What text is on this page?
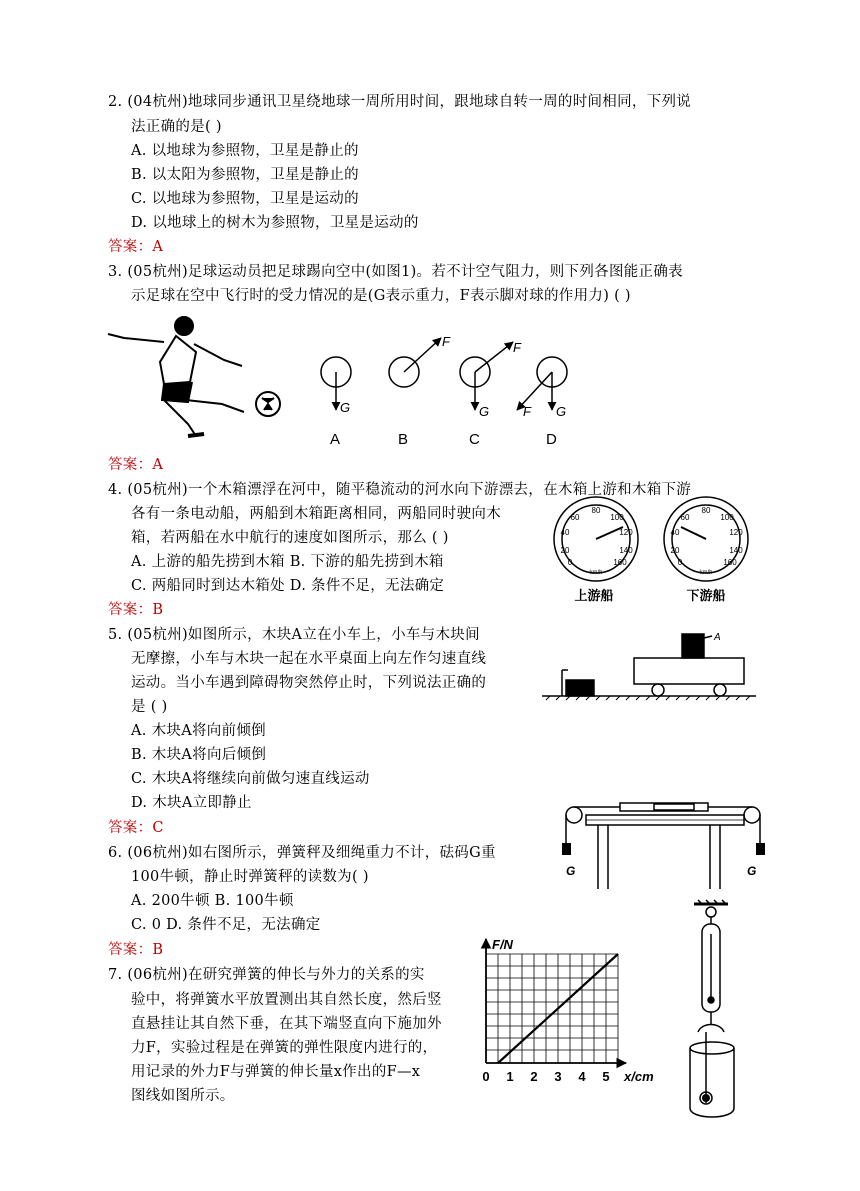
2. (04杭州)地球同步通讯卫星绕地球一周所用时间，跟地球自转一周的时间相同，下列说
法正确的是( )
A. 以地球为参照物，卫星是静止的
B. 以太阳为参照物，卫星是静止的
C. 以地球为参照物，卫星是运动的
D. 以地球上的树木为参照物，卫星是运动的
答案：A
3. (05杭州)足球运动员把足球踢向空中(如图1)。若不计空气阻力，则下列各图能正确表
示足球在空中飞行时的受力情况的是(G表示重力，F表示脚对球的作用力) ( )
G
F
G
F
F G
A	B	C	D
答案：A
4. (05杭州)一个木箱漂浮在河中，随平稳流动的河水向下游漂去，在木箱上游和木箱下游
各有一条电动船，两船到木箱距离相同，两船同时驶向木
箱，若两船在水中航行的速度如图所示，那么 ( )
A. 上游的船先捞到木箱 B. 下游的船先捞到木箱
C. 两船同时到达木箱处 D. 条件不足，无法确定
答案：B
0
20
40
60
80
100
120
140
160
km/h
0
20
40
60
80
100
120
140
160
km/h
上游船	下游船
5. (05杭州)如图所示，木块A立在小车上，小车与木块间
无摩擦，小车与木块一起在水平桌面上向左作匀速直线
运动。当小车遇到障碍物突然停止时，下列说法正确的
是 ( )
A. 木块A将向前倾倒
B. 木块A将向后倾倒
C. 木块A将继续向前做匀速直线运动
D. 木块A立即静止
答案：C
A
6. (06杭州)如右图所示，弹簧秤及细绳重力不计，砝码G重
100牛顿，静止时弹簧秤的读数为( )
A. 200牛顿 B. 100牛顿
C. 0 D. 条件不足，无法确定
答案：B
G	G
7. (06杭州)在研究弹簧的伸长与外力的关系的实
验中，将弹簧水平放置测出其自然长度，然后竖
直悬挂让其自然下垂，在其下端竖直向下施加外
力F，实验过程是在弹簧的弹性限度内进行的，
用记录的外力F与弹簧的伸长量x作出的F—x
图线如图所示。
F/N
0 1 2 3 4 5 x/cm
